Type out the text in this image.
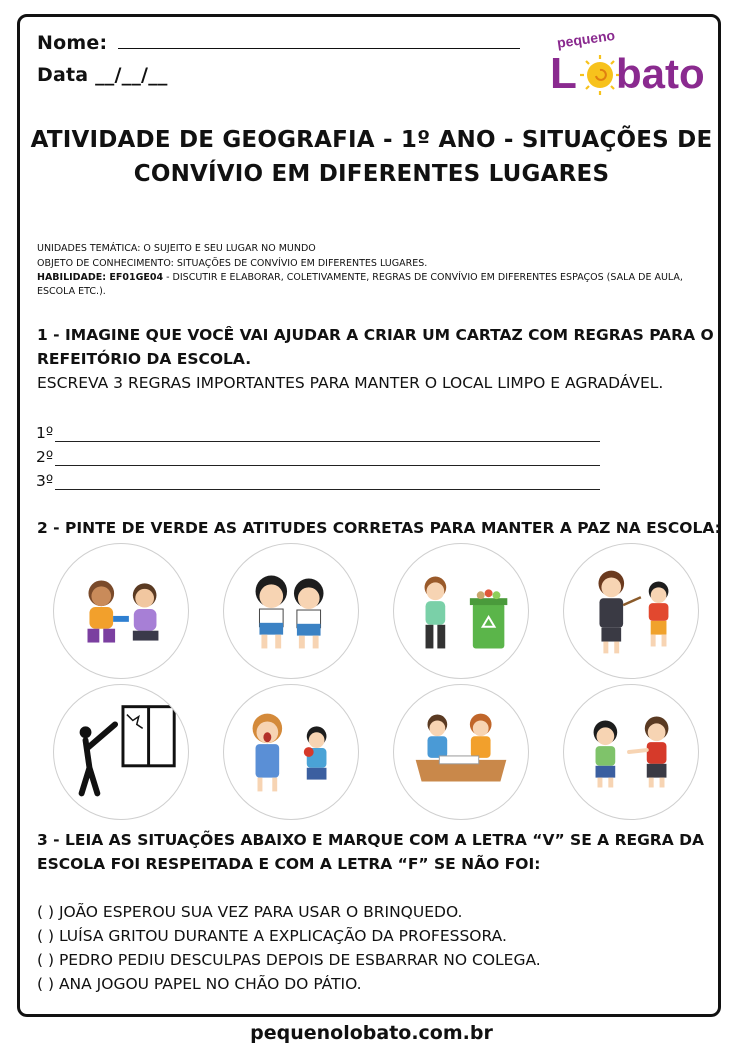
Nome:
Data __/__/__
pequeno
L bato
ATIVIDADE DE GEOGRAFIA - 1º ANO - SITUAÇÕES DE
CONVÍVIO EM DIFERENTES LUGARES
UNIDADES TEMÁTICA: O SUJEITO E SEU LUGAR NO MUNDO
OBJETO DE CONHECIMENTO: SITUAÇÕES DE CONVÍVIO EM DIFERENTES LUGARES.
HABILIDADE: EF01GE04 - DISCUTIR E ELABORAR, COLETIVAMENTE, REGRAS DE CONVÍVIO EM DIFERENTES ESPAÇOS (SALA DE AULA,
ESCOLA ETC.).
1 - IMAGINE QUE VOCÊ VAI AJUDAR A CRIAR UM CARTAZ COM REGRAS PARA O
REFEITÓRIO DA ESCOLA.
ESCREVA 3 REGRAS IMPORTANTES PARA MANTER O LOCAL LIMPO E AGRADÁVEL.
1º
2º
3º
2 - PINTE DE VERDE AS ATITUDES CORRETAS PARA MANTER A PAZ NA ESCOLA:
3 - LEIA AS SITUAÇÕES ABAIXO E MARQUE COM A LETRA “V” SE A REGRA DA
ESCOLA FOI RESPEITADA E COM A LETRA “F” SE NÃO FOI:
( ) JOÃO ESPEROU SUA VEZ PARA USAR O BRINQUEDO.
( ) LUÍSA GRITOU DURANTE A EXPLICAÇÃO DA PROFESSORA.
( ) PEDRO PEDIU DESCULPAS DEPOIS DE ESBARRAR NO COLEGA.
( ) ANA JOGOU PAPEL NO CHÃO DO PÁTIO.
pequenolobato.com.br
